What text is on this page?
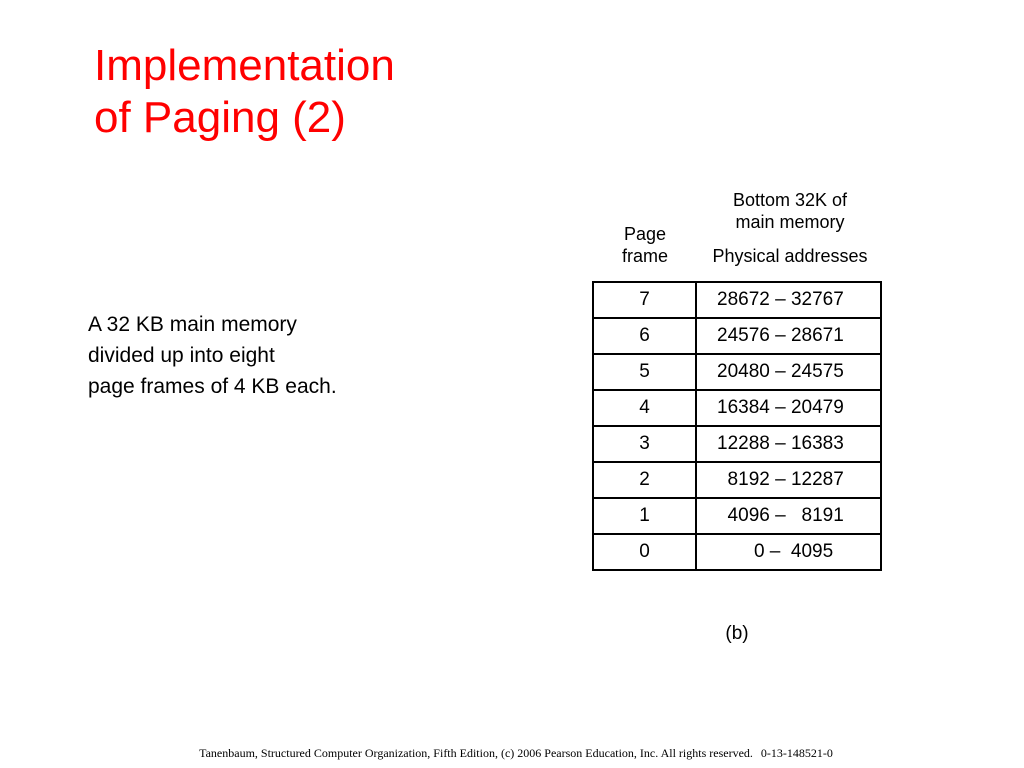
Implementation
of Paging (2)

A 32 KB main memory
divided up into eight
page frames of 4 KB each.

Bottom 32K of
main memory
Page
frame	Physical addresses
7	28672 – 32767
6	24576 – 28671
5	20480 – 24575
4	16384 – 20479
3	12288 – 16383
2	8192 – 12287
1	4096 –   8191
0	0 –  4095
(b)
Tanenbaum, Structured Computer Organization, Fifth Edition, (c) 2006 Pearson Education, Inc. All rights reserved. 0-13-148521-0
